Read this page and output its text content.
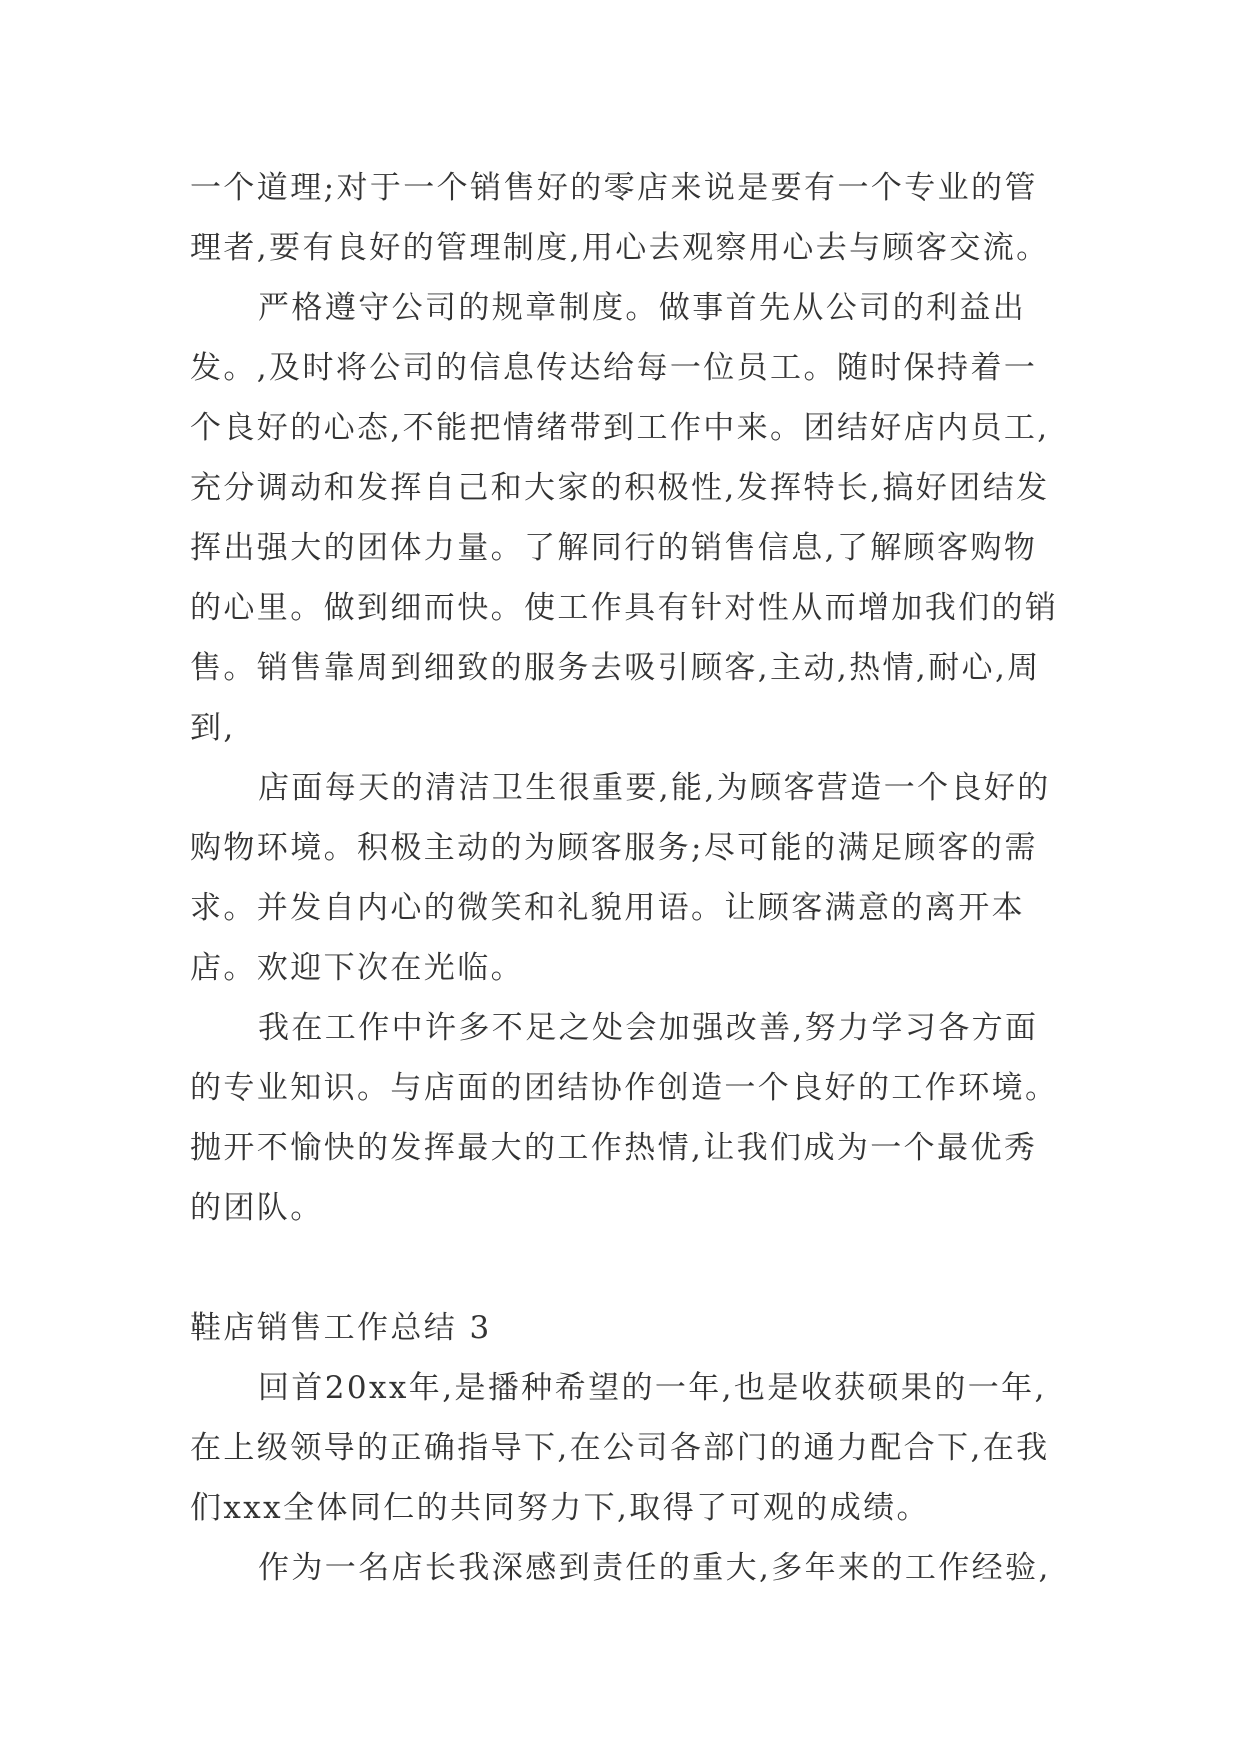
一个道理;对于一个销售好的零店来说是要有一个专业的管理者,要有良好的管理制度,用心去观察用心去与顾客交流。

严格遵守公司的规章制度。做事首先从公司的利益出发。,及时将公司的信息传达给每一位员工。随时保持着一个良好的心态,不能把情绪带到工作中来。团结好店内员工,充分调动和发挥自己和大家的积极性,发挥特长,搞好团结发挥出强大的团体力量。了解同行的销售信息,了解顾客购物的心里。做到细而快。使工作具有针对性从而增加我们的销售。销售靠周到细致的服务去吸引顾客,主动,热情,耐心,周到,

店面每天的清洁卫生很重要,能,为顾客营造一个良好的购物环境。积极主动的为顾客服务;尽可能的满足顾客的需求。并发自内心的微笑和礼貌用语。让顾客满意的离开本店。欢迎下次在光临。

我在工作中许多不足之处会加强改善,努力学习各方面的专业知识。与店面的团结协作创造一个良好的工作环境。抛开不愉快的发挥最大的工作热情,让我们成为一个最优秀的团队。

鞋店销售工作总结 3

回首20xx年,是播种希望的一年,也是收获硕果的一年,在上级领导的正确指导下,在公司各部门的通力配合下,在我们xxx全体同仁的共同努力下,取得了可观的成绩。

作为一名店长我深感到责任的重大,多年来的工作经验,
